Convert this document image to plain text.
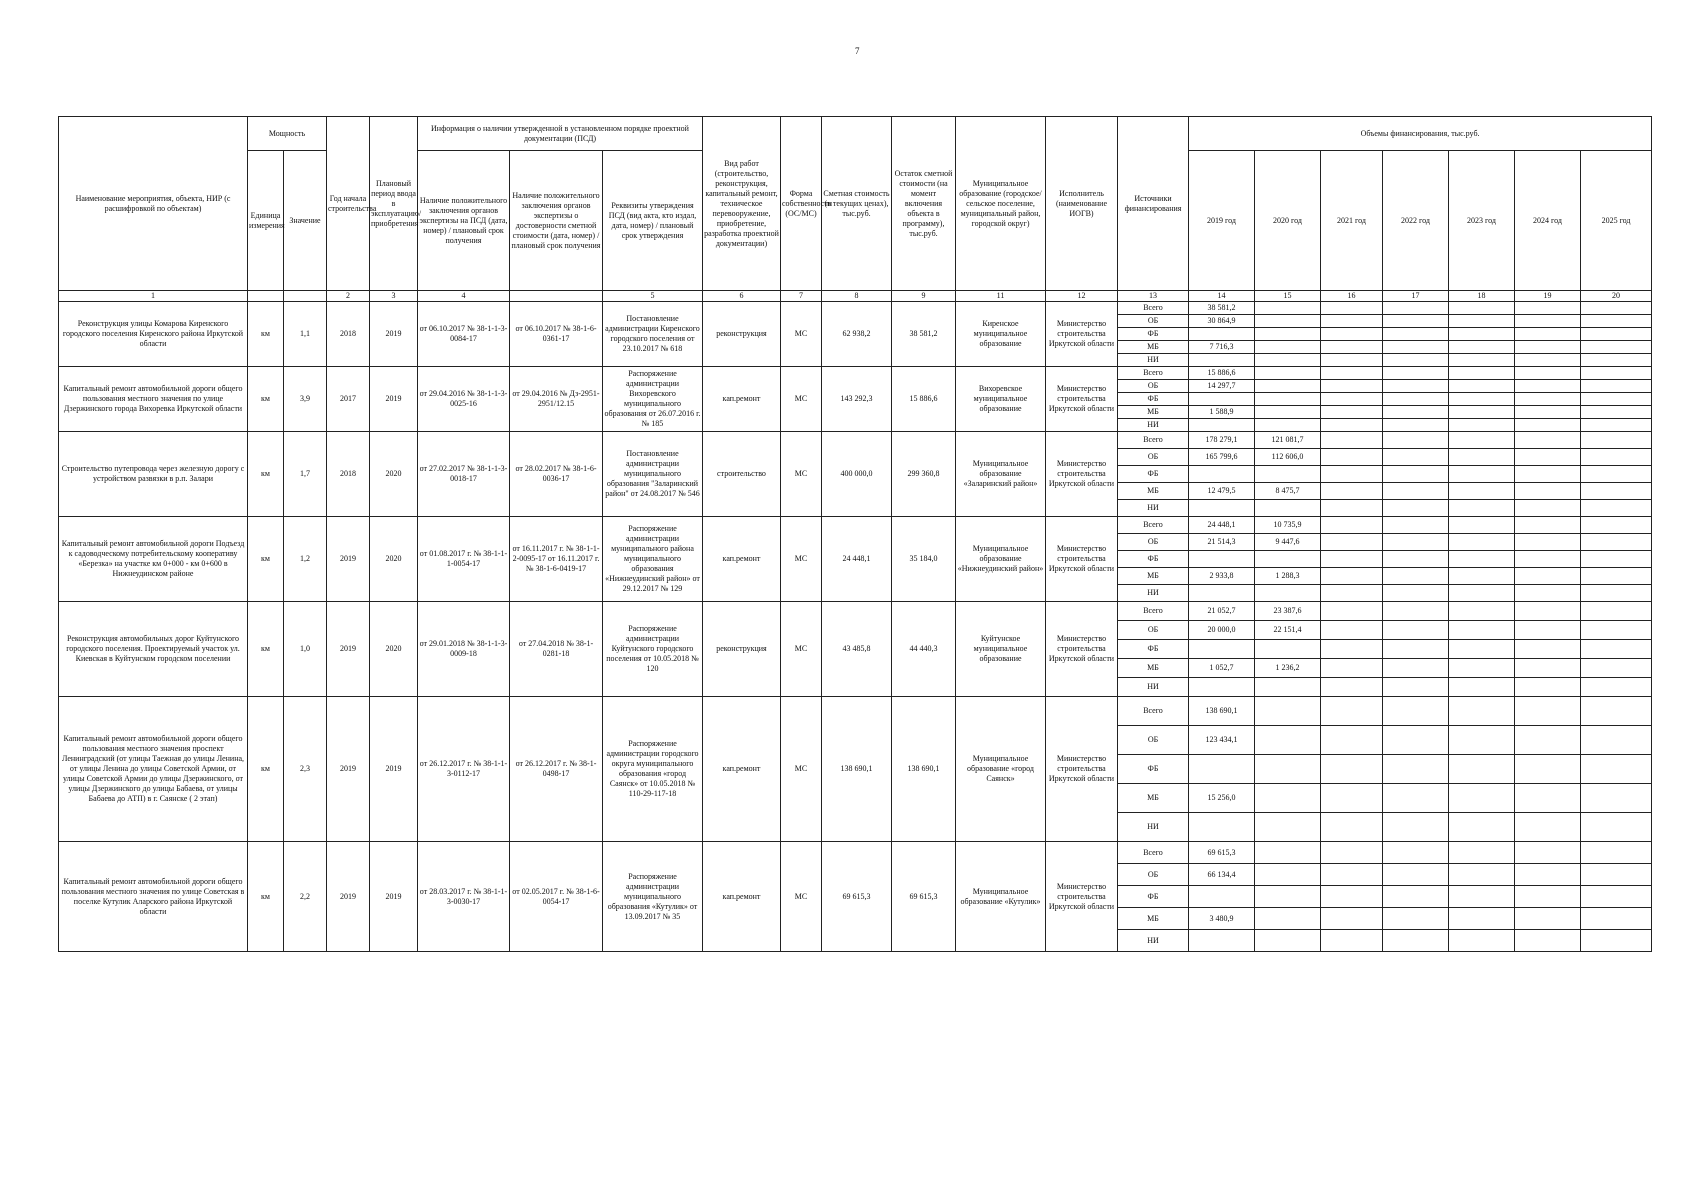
7
Наименование мероприятия, объекта, НИР (с расшифровкой по объектам)	Мощность		Год начала строительства	Плановый период ввода в эксплуатацию/приобретения	Информация о наличии утвержденной в установленном порядке проектной документации (ПСД)			Вид работ (строительство, реконструкция, капитальный ремонт, техническое перевооружение, приобретение, разработка проектной документации)	Форма собственности (ОС/МС)	Сметная стоимость (в текущих ценах), тыс.руб.	Остаток сметной стоимости (на момент включения объекта в программу), тыс.руб.	Муниципальное образование (городское/сельское поселение, муниципальный район, городской округ)	Исполнитель (наименование ИОГВ)	Источники финансирования	Объемы финансирования, тыс.руб.						
	Единица измерения	Значение			Наличие положительного заключения органов экспертизы на ПСД (дата, номер) / плановый срок получения	Наличие положительного заключения органов экспертизы о достоверности сметной стоимости (дата, номер) / плановый срок получения	Реквизиты утверждения ПСД (вид акта, кто издал, дата, номер) / плановый срок утверждения								2019 год	2020 год	2021 год	2022 год	2023 год	2024 год	2025 год
1			2	3	4		5	6	7	8	9	11	12	13	14	15	16	17	18	19	20
Реконструкция улицы Комарова Киренского городского поселения Киренского района Иркутской области	км	1,1	2018	2019	от 06.10.2017 № 38-1-1-3-0084-17	от 06.10.2017 № 38-1-6-0361-17	Постановление администрации Киренского городского поселения от 23.10.2017 № 618	реконструкция	МС	62 938,2	38 581,2	Киренское муниципальное образование	Министерство строительства Иркутской области	Всего	38 581,2						
														ОБ	30 864,9						
														ФБ							
														МБ	7 716,3						
														НИ							
Капитальный ремонт автомобильной дороги общего пользования местного значения по улице Дзержинского города Вихоревка Иркутской области	км	3,9	2017	2019	от 29.04.2016 № 38-1-1-3-0025-16	от 29.04.2016 № Дз-2951-2951/12.15	Распоряжение администрации Вихоревского муниципального образования от 26.07.2016 г. № 185	кап.ремонт	МС	143 292,3	15 886,6	Вихоревское муниципальное образование	Министерство строительства Иркутской области	Всего	15 886,6						
														ОБ	14 297,7						
														ФБ							
														МБ	1 588,9						
														НИ							
Строительство путепровода через железную дорогу с устройством развязки в р.п. Залари	км	1,7	2018	2020	от 27.02.2017 № 38-1-1-3-0018-17	от 28.02.2017 № 38-1-6-0036-17	Постановление администрации муниципального образования "Заларинский район" от 24.08.2017 № 546	строительство	МС	400 000,0	299 360,8	Муниципальное образование «Заларинский район»	Министерство строительства Иркутской области	Всего	178 279,1	121 081,7					
														ОБ	165 799,6	112 606,0					
														ФБ							
														МБ	12 479,5	8 475,7					
														НИ							
Капитальный ремонт автомобильной дороги Подъезд к садоводческому потребительскому кооперативу «Березка» на участке км 0+000 - км 0+600 в Нижнеудинском районе	км	1,2	2019	2020	от 01.08.2017 г. № 38-1-1-1-0054-17	от 16.11.2017 г. № 38-1-1-2-0095-17 от 16.11.2017 г. № 38-1-6-0419-17	Распоряжение администрации муниципального района муниципального образования «Нижнеудинский район» от 29.12.2017 № 129	кап.ремонт	МС	24 448,1	35 184,0	Муниципальное образование «Нижнеудинский район»	Министерство строительства Иркутской области	Всего	24 448,1	10 735,9					
														ОБ	21 514,3	9 447,6					
														ФБ							
														МБ	2 933,8	1 288,3					
														НИ							
Реконструкция автомобильных дорог Куйтунского городского поселения. Проектируемый участок ул. Киевская в Куйтунском городском поселении	км	1,0	2019	2020	от 29.01.2018 № 38-1-1-3-0009-18	от 27.04.2018 № 38-1-0281-18	Распоряжение администрации Куйтунского городского поселения от 10.05.2018 № 120	реконструкция	МС	43 485,8	44 440,3	Куйтунское муниципальное образование	Министерство строительства Иркутской области	Всего	21 052,7	23 387,6					
														ОБ	20 000,0	22 151,4					
														ФБ							
														МБ	1 052,7	1 236,2					
														НИ							
Капитальный ремонт автомобильной дороги общего пользования местного значения проспект Ленинградский (от улицы Таежная до улицы Ленина, от улицы Ленина до улицы Советской Армии, от улицы Советской Армии до улицы Дзержинского, от улицы Дзержинского до улицы Бабаева, от улицы Бабаева до АТП) в г. Саянске ( 2 этап)	км	2,3	2019	2019	от 26.12.2017 г. № 38-1-1-3-0112-17	от 26.12.2017 г. № 38-1-0498-17	Распоряжение администрации городского округа муниципального образования «город Саянск» от 10.05.2018 № 110-29-117-18	кап.ремонт	МС	138 690,1	138 690,1	Муниципальное образование «город Саянск»	Министерство строительства Иркутской области	Всего	138 690,1						
														ОБ	123 434,1						
														ФБ							
														МБ	15 256,0						
														НИ							
Капитальный ремонт автомобильной дороги общего пользования местного значения по улице Советская в поселке Кутулик Аларского района Иркутской области	км	2,2	2019	2019	от 28.03.2017 г. № 38-1-1-3-0030-17	от 02.05.2017 г. № 38-1-6-0054-17	Распоряжение администрации муниципального образования «Кутулик» от 13.09.2017 № 35	кап.ремонт	МС	69 615,3	69 615,3	Муниципальное образование «Кутулик»	Министерство строительства Иркутской области	Всего	69 615,3						
														ОБ	66 134,4						
														ФБ							
														МБ	3 480,9						
														НИ							
